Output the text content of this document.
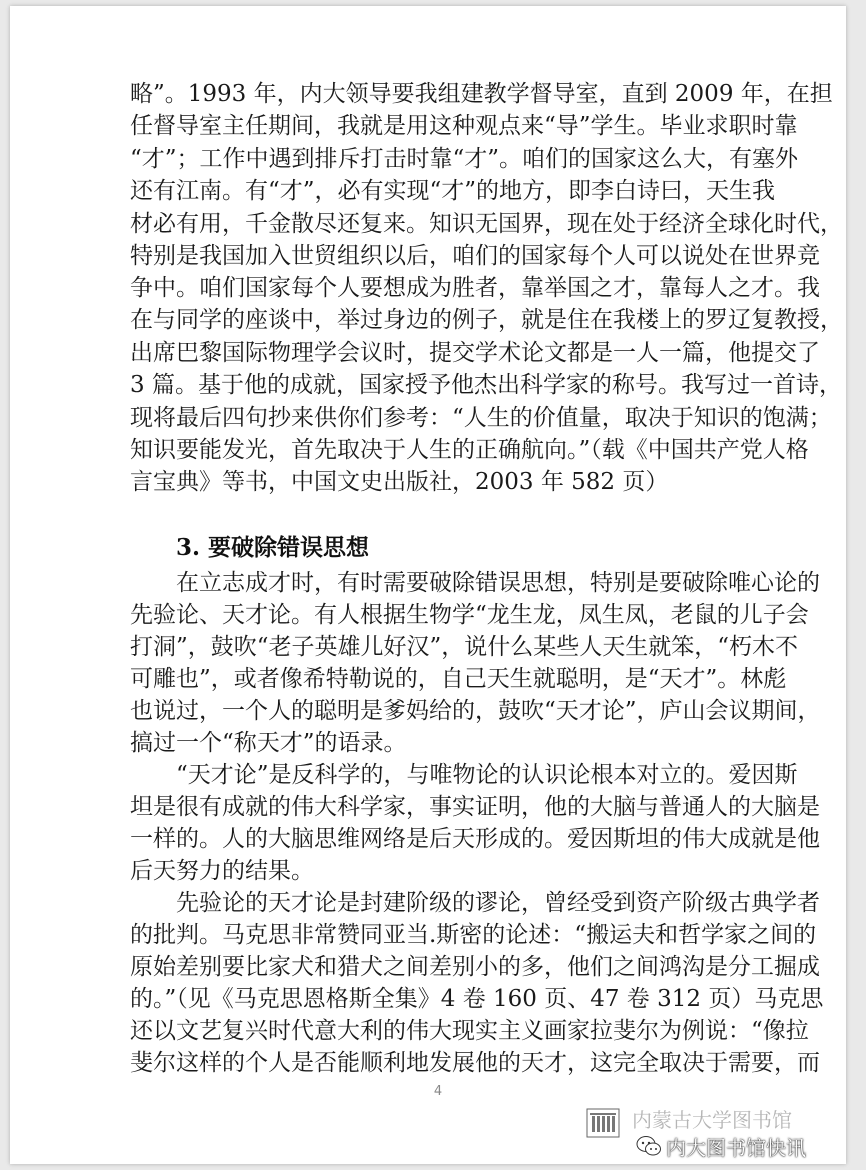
略”。1993 年，内大领导要我组建教学督导室，直到 2009 年，在担
任督导室主任期间，我就是用这种观点来“导”学生。毕业求职时靠
“才”；工作中遇到排斥打击时靠“才”。咱们的国家这么大，有塞外
还有江南。有“才”，必有实现“才”的地方，即李白诗曰，天生我
材必有用，千金散尽还复来。知识无国界，现在处于经济全球化时代，
特别是我国加入世贸组织以后，咱们的国家每个人可以说处在世界竞
争中。咱们国家每个人要想成为胜者，靠举国之才，靠每人之才。我
在与同学的座谈中，举过身边的例子，就是住在我楼上的罗辽复教授，
出席巴黎国际物理学会议时，提交学术论文都是一人一篇，他提交了
3 篇。基于他的成就，国家授予他杰出科学家的称号。我写过一首诗，
现将最后四句抄来供你们参考：“人生的价值量，取决于知识的饱满；
知识要能发光，首先取决于人生的正确航向。”（载《中国共产党人格
言宝典》等书，中国文史出版社，2003 年 582 页）
3. 要破除错误思想
在立志成才时，有时需要破除错误思想，特别是要破除唯心论的
先验论、天才论。有人根据生物学“龙生龙，凤生凤，老鼠的儿子会
打洞”，鼓吹“老子英雄儿好汉”，说什么某些人天生就笨，“朽木不
可雕也”，或者像希特勒说的，自己天生就聪明，是“天才”。林彪
也说过，一个人的聪明是爹妈给的，鼓吹“天才论”，庐山会议期间，
搞过一个“称天才”的语录。
“天才论”是反科学的，与唯物论的认识论根本对立的。爱因斯
坦是很有成就的伟大科学家，事实证明，他的大脑与普通人的大脑是
一样的。人的大脑思维网络是后天形成的。爱因斯坦的伟大成就是他
后天努力的结果。
先验论的天才论是封建阶级的谬论，曾经受到资产阶级古典学者
的批判。马克思非常赞同亚当.斯密的论述：“搬运夫和哲学家之间的
原始差别要比家犬和猎犬之间差别小的多，他们之间鸿沟是分工掘成
的。”（见《马克思恩格斯全集》4 卷 160 页、47 卷 312 页）马克思
还以文艺复兴时代意大利的伟大现实主义画家拉斐尔为例说：“像拉
斐尔这样的个人是否能顺利地发展他的天才，这完全取决于需要，而
4
内蒙古大学图书馆
内大图书馆快讯
